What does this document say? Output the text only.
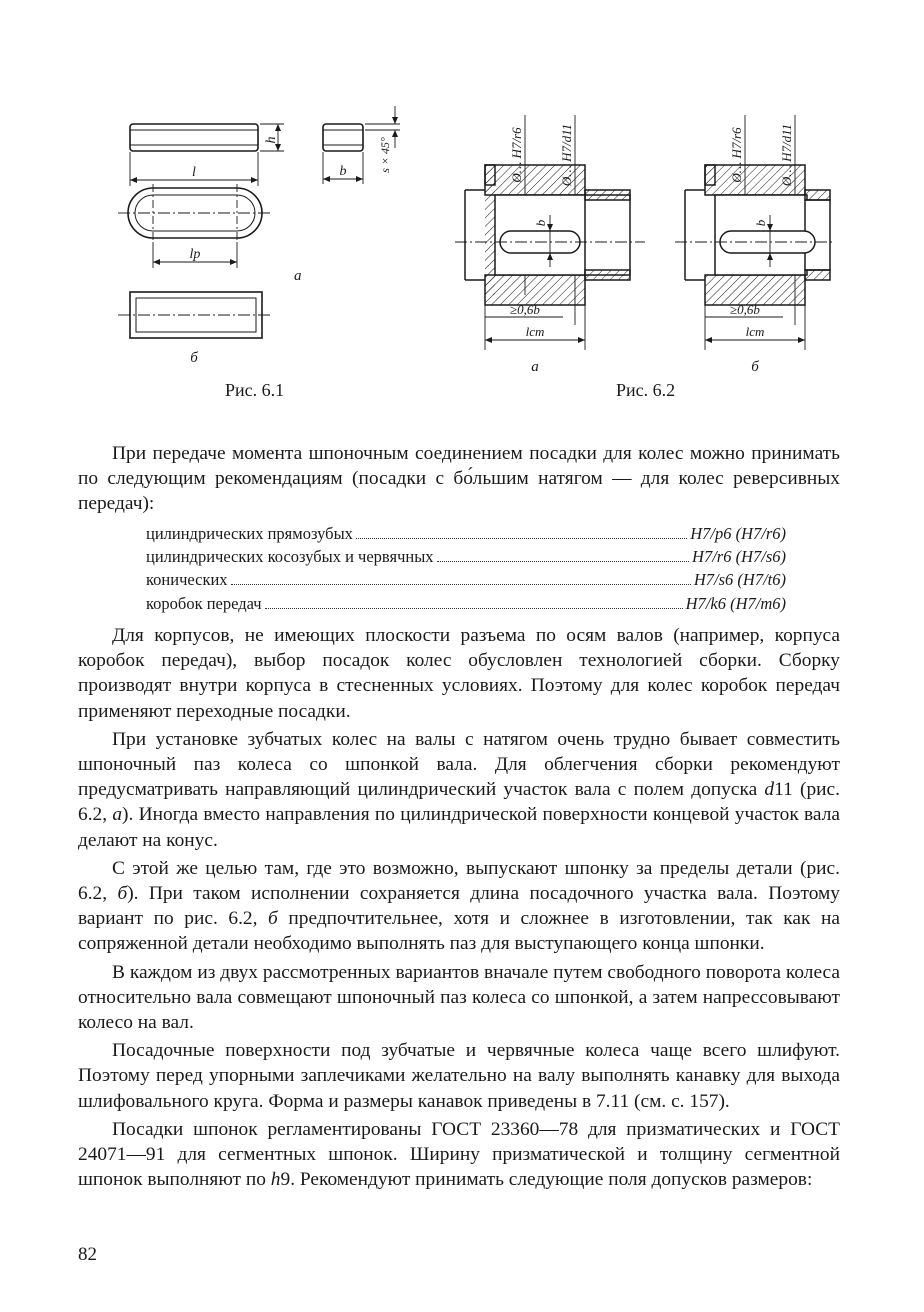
h
l
lр
b	s × 45°
а
б
Рис. 6.1
Ø… H7/r6	Ø… H7/d11
b
≥0,6b
lст
а
Ø… H7/r6	Ø… H7/d11
b
≥0,6b
lст
б
Рис. 6.2

При передаче момента шпоночным соединением посадки для колес можно принимать по следующим рекомендациям (посадки с бо́льшим натягом — для колес реверсивных передач):

цилиндрических прямозубых	H7/p6 (H7/r6)
цилиндрических косозубых и червячных	H7/r6 (H7/s6)
конических	H7/s6 (H7/t6)
коробок передач	H7/k6 (H7/m6)

Для корпусов, не имеющих плоскости разъема по осям валов (например, корпуса коробок передач), выбор посадок колес обусловлен технологией сборки. Сборку производят внутри корпуса в стесненных условиях. Поэтому для колес коробок передач применяют переходные посадки.

При установке зубчатых колес на валы с натягом очень трудно бывает совместить шпоночный паз колеса со шпонкой вала. Для облегчения сборки рекомендуют предусматривать направляющий цилиндрический участок вала с полем допуска d11 (рис. 6.2, а). Иногда вместо направления по цилиндрической поверхности концевой участок вала делают на конус.

С этой же целью там, где это возможно, выпускают шпонку за пределы детали (рис. 6.2, б). При таком исполнении сохраняется длина посадочного участка вала. Поэтому вариант по рис. 6.2, б предпочтительнее, хотя и сложнее в изготовлении, так как на сопряженной детали необходимо выполнять паз для выступающего конца шпонки.

В каждом из двух рассмотренных вариантов вначале путем свободного поворота колеса относительно вала совмещают шпоночный паз колеса со шпонкой, а затем напрессовывают колесо на вал.

Посадочные поверхности под зубчатые и червячные колеса чаще всего шлифуют. Поэтому перед упорными заплечиками желательно на валу выполнять канавку для выхода шлифовального круга. Форма и размеры канавок приведены в 7.11 (см. с. 157).

Посадки шпонок регламентированы ГОСТ 23360—78 для призматических и ГОСТ 24071—91 для сегментных шпонок. Ширину призматической и толщину сегментной шпонок выполняют по h9. Рекомендуют принимать следующие поля допусков размеров:

82
